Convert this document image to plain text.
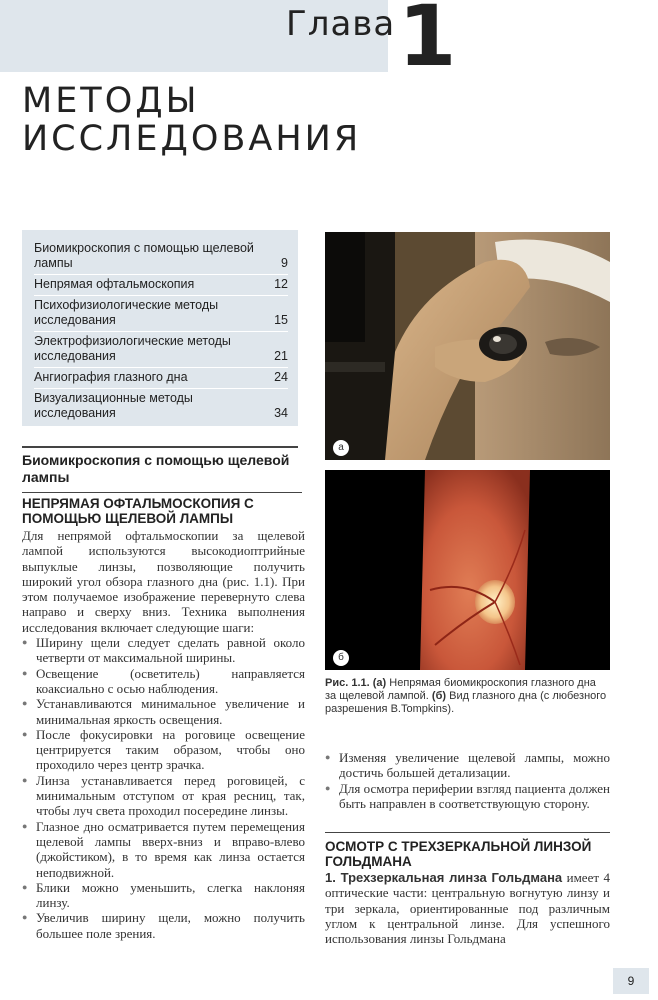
Глава 1
МЕТОДЫ
ИССЛЕДОВАНИЯ
Биомикроскопия с помощью щелевой лампы	9
Непрямая офтальмоскопия	12
Психофизиологические методы исследования	15
Электрофизиологические методы исследования	21
Ангиография глазного дна	24
Визуализационные методы исследования	34
Биомикроскопия с помощью щелевой лампы
НЕПРЯМАЯ ОФТАЛЬМОСКОПИЯ С ПОМОЩЬЮ ЩЕЛЕВОЙ ЛАМПЫ

Для непрямой офтальмоскопии за щелевой лампой используются высокодиоптрийные выпуклые линзы, позволяющие получить широкий угол обзора глазного дна (рис. 1.1). При этом получаемое изображение перевернуто слева направо и сверху вниз. Техника выполнения исследования включает следующие шаги:

● Ширину щели следует сделать равной около четверти от максимальной ширины.
● Освещение (осветитель) направляется коаксиально с осью наблюдения.
● Устанавливаются минимальное увеличение и минимальная яркость освещения.
● После фокусировки на роговице освещение центрируется таким образом, чтобы оно проходило через центр зрачка.
● Линза устанавливается перед роговицей, с минимальным отступом от края ресниц, так, чтобы луч света проходил посередине линзы.
● Глазное дно осматривается путем перемещения щелевой лампы вверх-вниз и вправо-влево (джойстиком), в то время как линза остается неподвижной.
● Блики можно уменьшить, слегка наклоняя линзу.
● Увеличив ширину щели, можно получить большее поле зрения.
а
б
Рис. 1.1. (а) Непрямая биомикроскопия глазного дна за щелевой лампой. (б) Вид глазного дна (с любезного разрешения B.Tompkins).
● Изменяя увеличение щелевой лампы, можно достичь большей детализации.
● Для осмотра периферии взгляд пациента должен быть направлен в соответствующую сторону.
ОСМОТР С ТРЕХЗЕРКАЛЬНОЙ ЛИНЗОЙ ГОЛЬДМАНА
1. Трехзеркальная линза Гольдмана имеет 4 оптические части: центральную вогнутую линзу и три зеркала, ориентированные под различным углом к центральной линзе. Для успешного использования линзы Гольдмана
9
